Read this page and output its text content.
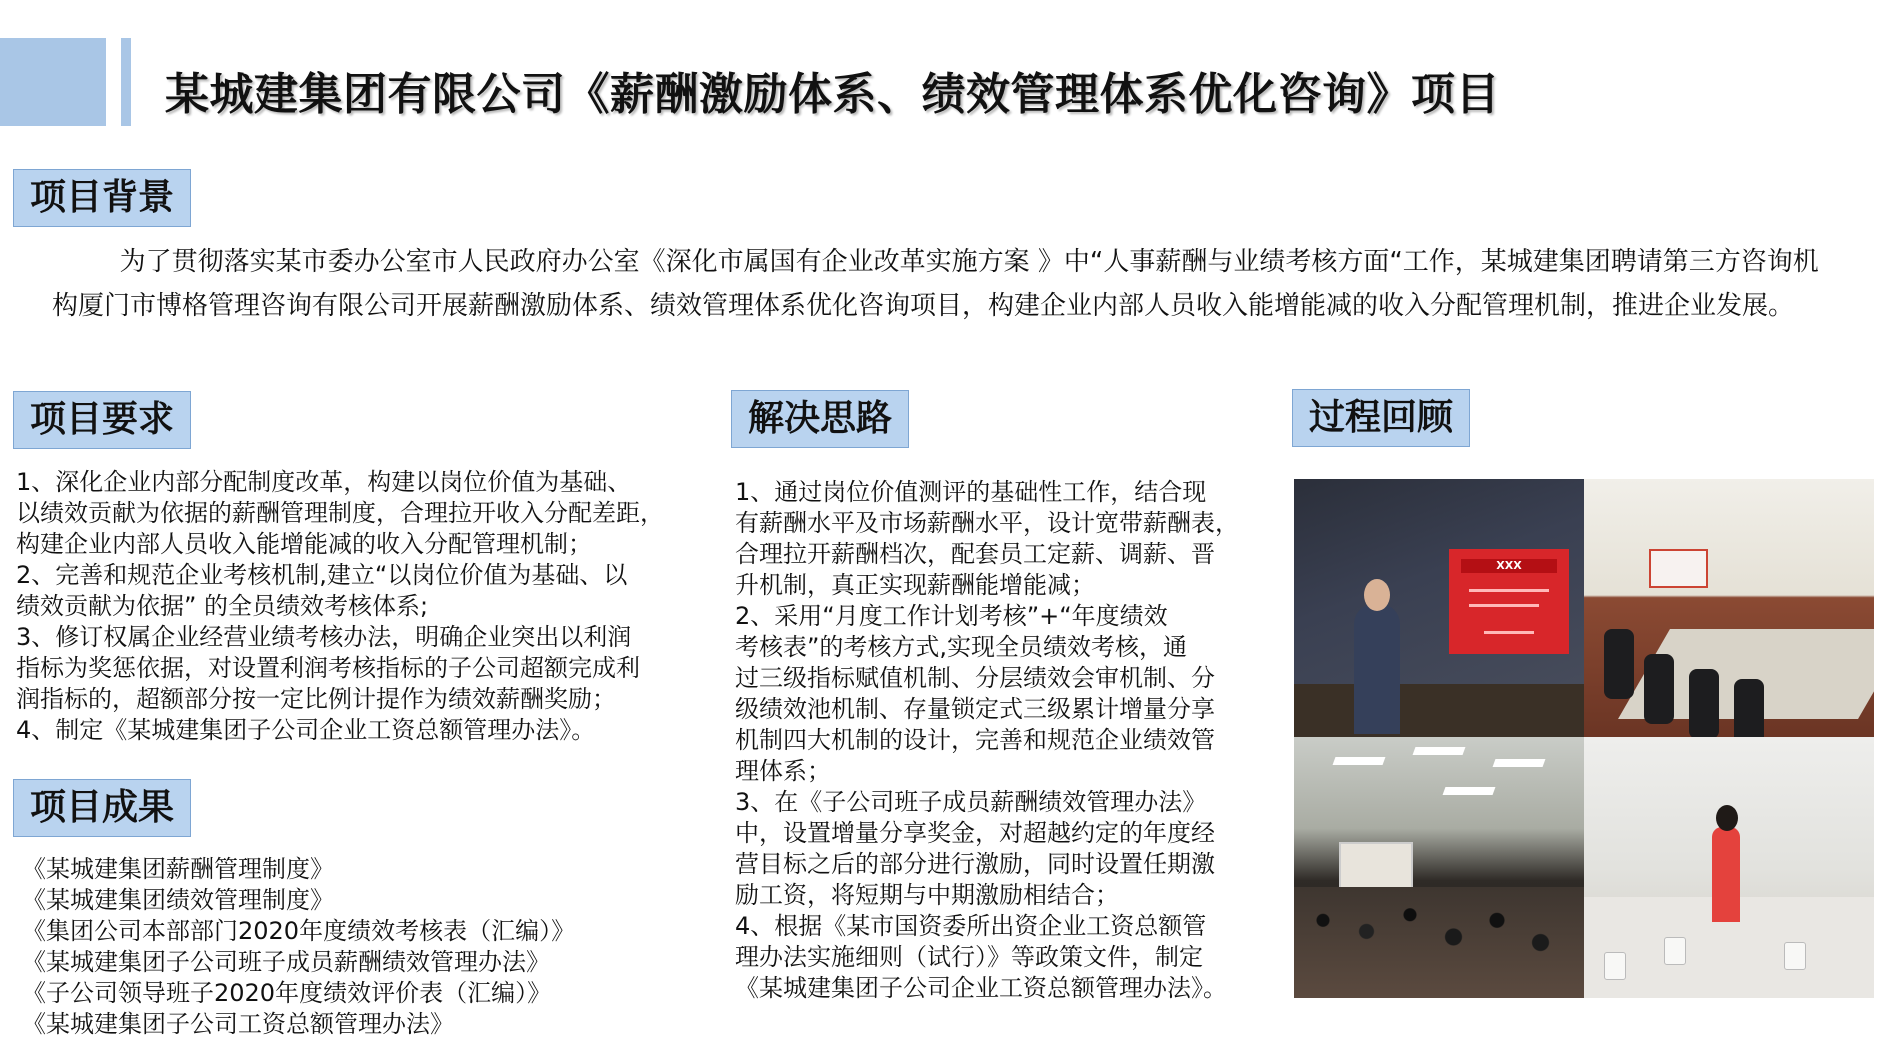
某城建集团有限公司《薪酬激励体系、绩效管理体系优化咨询》项目
项目背景
为了贯彻落实某市委办公室市人民政府办公室《深化市属国有企业改革实施方案 》中“人事薪酬与业绩考核方面“工作，某城建集团聘请第三方咨询机构厦门市博格管理咨询有限公司开展薪酬激励体系、绩效管理体系优化咨询项目，构建企业内部人员收入能增能减的收入分配管理机制，推进企业发展。
项目要求
1、深化企业内部分配制度改革，构建以岗位价值为基础、
以绩效贡献为依据的薪酬管理制度，合理拉开收入分配差距，
构建企业内部人员收入能增能减的收入分配管理机制；
2、完善和规范企业考核机制,建立“以岗位价值为基础、以
绩效贡献为依据” 的全员绩效考核体系;
3、修订权属企业经营业绩考核办法，明确企业突出以利润
指标为奖惩依据，对设置利润考核指标的子公司超额完成利
润指标的，超额部分按一定比例计提作为绩效薪酬奖励；
4、制定《某城建集团子公司企业工资总额管理办法》。
项目成果
《某城建集团薪酬管理制度》
《某城建集团绩效管理制度》
《集团公司本部部门2020年度绩效考核表（汇编）》
《某城建集团子公司班子成员薪酬绩效管理办法》
《子公司领导班子2020年度绩效评价表（汇编）》
《某城建集团子公司工资总额管理办法》
解决思路
1、通过岗位价值测评的基础性工作，结合现
有薪酬水平及市场薪酬水平，设计宽带薪酬表，
合理拉开薪酬档次，配套员工定薪、调薪、晋
升机制，真正实现薪酬能增能减；
2、采用“月度工作计划考核”+“年度绩效
考核表”的考核方式,实现全员绩效考核，通
过三级指标赋值机制、分层绩效会审机制、分
级绩效池机制、存量锁定式三级累计增量分享
机制四大机制的设计，完善和规范企业绩效管
理体系；
3、在《子公司班子成员薪酬绩效管理办法》
中，设置增量分享奖金，对超越约定的年度经
营目标之后的部分进行激励，同时设置任期激
励工资，将短期与中期激励相结合；
4、根据《某市国资委所出资企业工资总额管
理办法实施细则（试行）》等政策文件，制定
《某城建集团子公司企业工资总额管理办法》。
过程回顾
XXX
